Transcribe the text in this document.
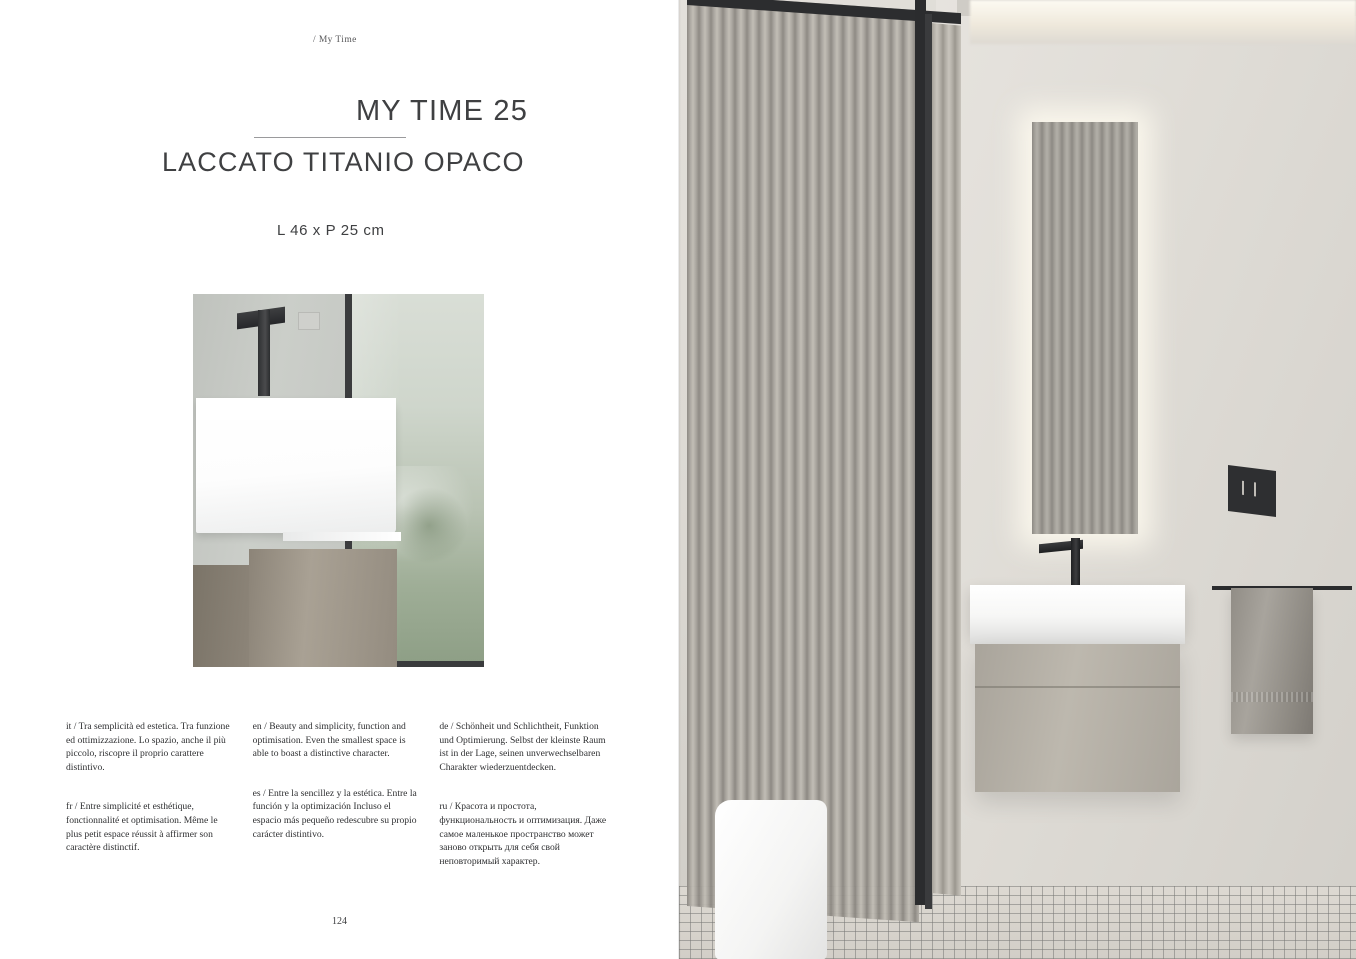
/ My Time
MY TIME 25
LACCATO TITANIO OPACO
L 46 x P 25 cm

it / Tra semplicità ed estetica. Tra funzione ed ottimizzazione. Lo spazio, anche il più piccolo, riscopre il proprio carattere distintivo.

fr / Entre simplicité et esthétique, fonctionnalité et optimisation. Même le plus petit espace réussit à affirmer son caractère distinctif.

en / Beauty and simplicity, function and optimisation. Even the smallest space is able to boast a distinctive character.

es / Entre la sencillez y la estética. Entre la función y la optimización Incluso el espacio más pequeño redescubre su propio carácter distintivo.

de / Schönheit und Schlichtheit, Funktion und Optimierung. Selbst der kleinste Raum ist in der Lage, seinen unverwechselbaren Charakter wiederzuentdecken.

ru / Красота и простота, функциональность и оптимизация. Даже самое маленькое пространство может заново открыть для себя свой неповторимый характер.

124
